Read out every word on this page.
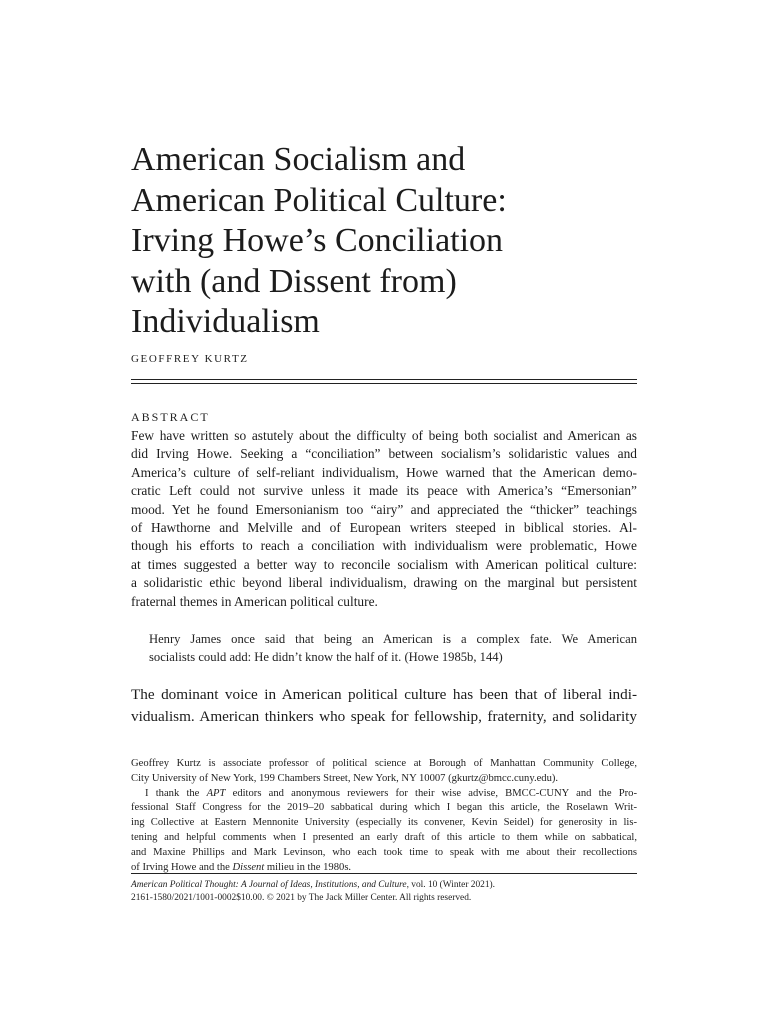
American Socialism and
American Political Culture:
Irving Howe’s Conciliation
with (and Dissent from)
Individualism
GEOFFREY KURTZ
ABSTRACT
Few have written so astutely about the difficulty of being both socialist and American as
did Irving Howe. Seeking a “conciliation” between socialism’s solidaristic values and
America’s culture of self-reliant individualism, Howe warned that the American demo-
cratic Left could not survive unless it made its peace with America’s “Emersonian”
mood. Yet he found Emersonianism too “airy” and appreciated the “thicker” teachings
of Hawthorne and Melville and of European writers steeped in biblical stories. Al-
though his efforts to reach a conciliation with individualism were problematic, Howe
at times suggested a better way to reconcile socialism with American political culture:
a solidaristic ethic beyond liberal individualism, drawing on the marginal but persistent
fraternal themes in American political culture.
Henry James once said that being an American is a complex fate. We American
socialists could add: He didn’t know the half of it. (Howe 1985b, 144)
The dominant voice in American political culture has been that of liberal indi-
vidualism. American thinkers who speak for fellowship, fraternity, and solidarity
Geoffrey Kurtz is associate professor of political science at Borough of Manhattan Community College,
City University of New York, 199 Chambers Street, New York, NY 10007 (gkurtz@bmcc.cuny.edu).
I thank the APT editors and anonymous reviewers for their wise advise, BMCC-CUNY and the Pro-
fessional Staff Congress for the 2019–20 sabbatical during which I began this article, the Roselawn Writ-
ing Collective at Eastern Mennonite University (especially its convener, Kevin Seidel) for generosity in lis-
tening and helpful comments when I presented an early draft of this article to them while on sabbatical,
and Maxine Phillips and Mark Levinson, who each took time to speak with me about their recollections
of Irving Howe and the Dissent milieu in the 1980s.
American Political Thought: A Journal of Ideas, Institutions, and Culture, vol. 10 (Winter 2021).
2161-1580/2021/1001-0002$10.00. © 2021 by The Jack Miller Center. All rights reserved.
